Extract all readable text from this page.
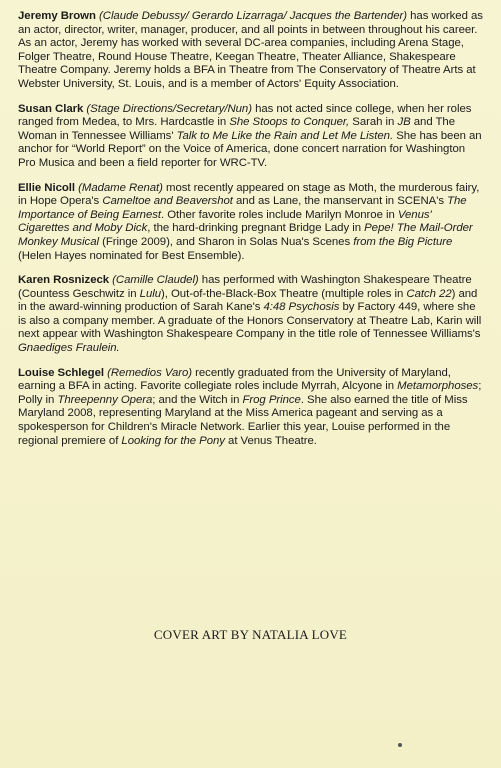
Jeremy Brown (Claude Debussy/ Gerardo Lizarraga/ Jacques the Bartender) has worked as an actor, director, writer, manager, producer, and all points in between throughout his career. As an actor, Jeremy has worked with several DC-area companies, including Arena Stage, Folger Theatre, Round House Theatre, Keegan Theatre, Theater Alliance, Shakespeare Theatre Company. Jeremy holds a BFA in Theatre from The Conservatory of Theatre Arts at Webster University, St. Louis, and is a member of Actors' Equity Association.

Susan Clark (Stage Directions/Secretary/Nun) has not acted since college, when her roles ranged from Medea, to Mrs. Hardcastle in She Stoops to Conquer, Sarah in JB and The Woman in Tennessee Williams' Talk to Me Like the Rain and Let Me Listen. She has been an anchor for “World Report” on the Voice of America, done concert narration for Washington Pro Musica and been a field reporter for WRC-TV.

Ellie Nicoll (Madame Renat) most recently appeared on stage as Moth, the murderous fairy, in Hope Opera's Cameltoe and Beavershot and as Lane, the manservant in SCENA's The Importance of Being Earnest. Other favorite roles include Marilyn Monroe in Venus' Cigarettes and Moby Dick, the hard-drinking pregnant Bridge Lady in Pepe! The Mail-Order Monkey Musical (Fringe 2009), and Sharon in Solas Nua's Scenes from the Big Picture (Helen Hayes nominated for Best Ensemble).

Karen Rosnizeck (Camille Claudel) has performed with Washington Shakespeare Theatre (Countess Geschwitz in Lulu), Out-of-the-Black-Box Theatre (multiple roles in Catch 22) and in the award-winning production of Sarah Kane's 4:48 Psychosis by Factory 449, where she is also a company member. A graduate of the Honors Conservatory at Theatre Lab, Karin will next appear with Washington Shakespeare Company in the title role of Tennessee Williams's Gnaediges Fraulein.

Louise Schlegel (Remedios Varo) recently graduated from the University of Maryland, earning a BFA in acting. Favorite collegiate roles include Myrrah, Alcyone in Metamorphoses; Polly in Threepenny Opera; and the Witch in Frog Prince. She also earned the title of Miss Maryland 2008, representing Maryland at the Miss America pageant and serving as a spokesperson for Children's Miracle Network. Earlier this year, Louise performed in the regional premiere of Looking for the Pony at Venus Theatre.

COVER ART BY NATALIA LOVE
